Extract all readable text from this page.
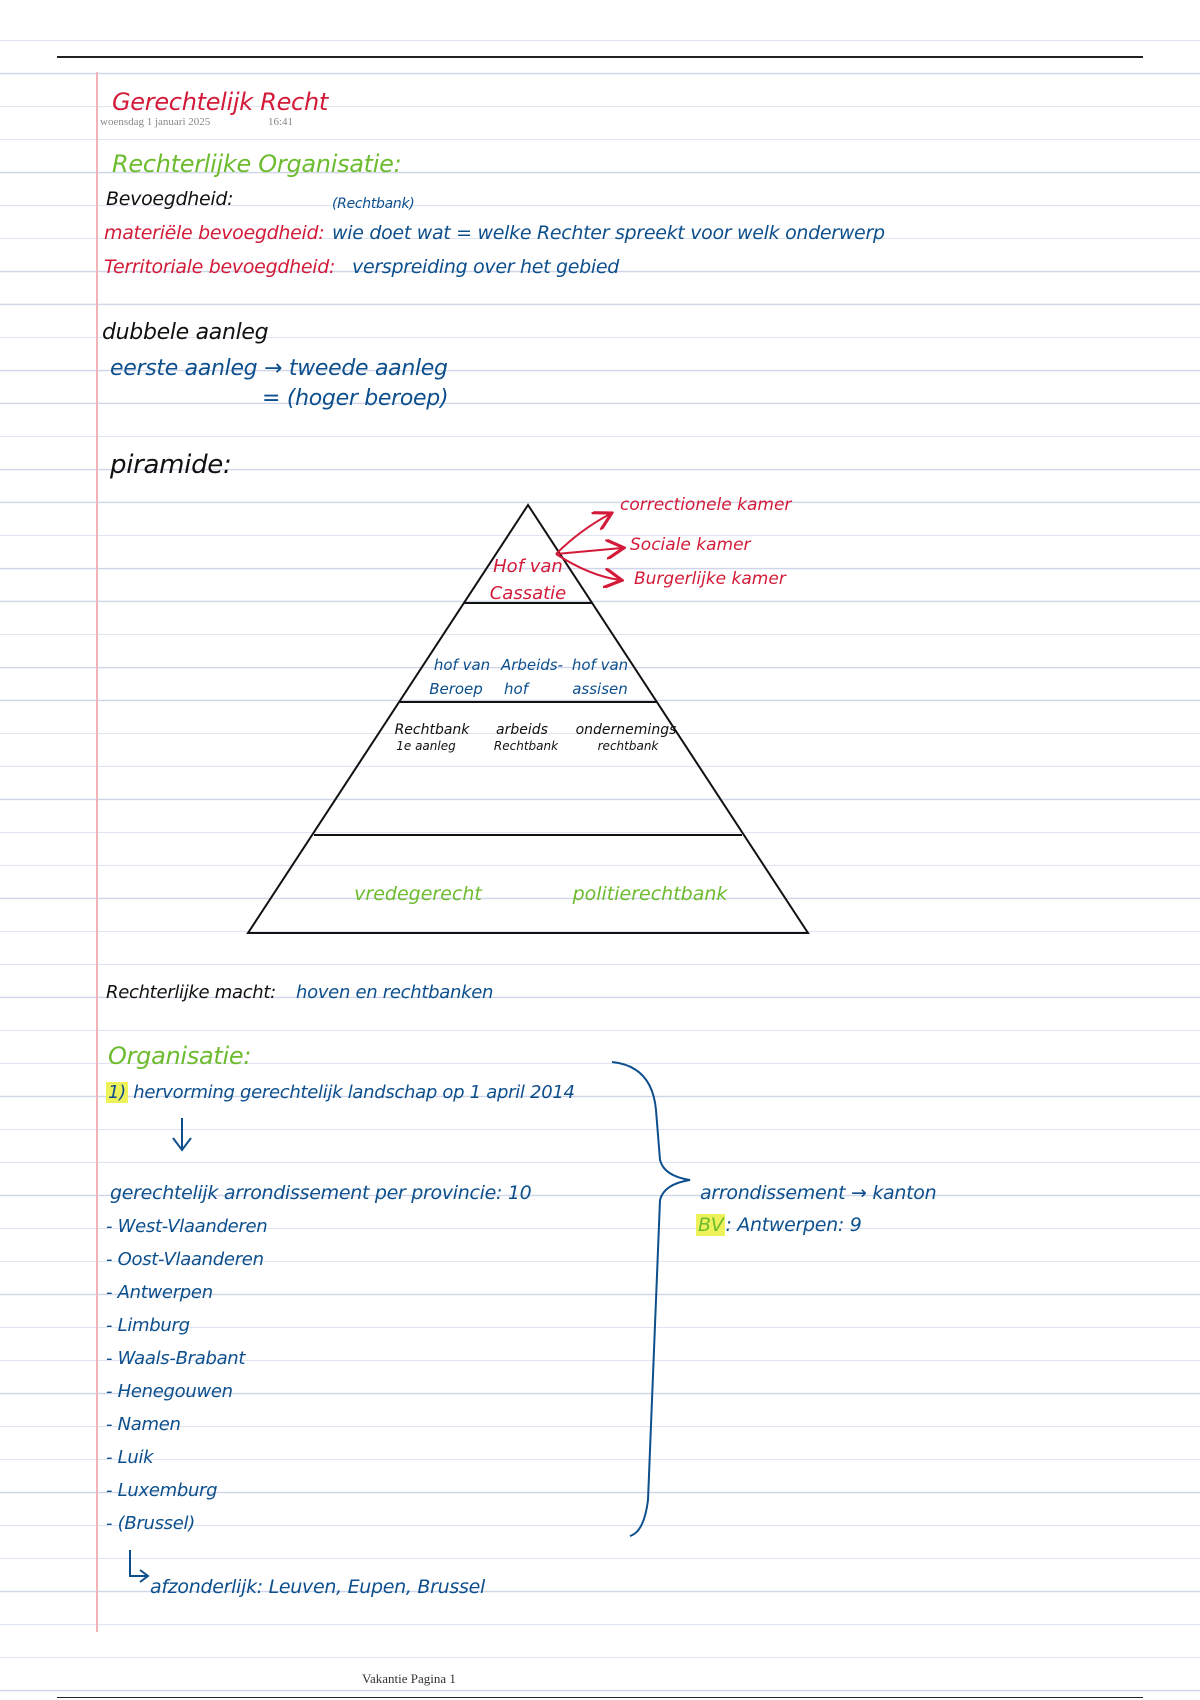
Gerechtelijk Recht
woensdag 1 januari 2025	16:41
Rechterlijke Organisatie:
Bevoegdheid:	(Rechtbank)
materiële bevoegdheid: wie doet wat = welke Rechter spreekt voor welk onderwerp
Territoriale bevoegdheid: verspreiding over het gebied
dubbele aanleg
eerste aanleg → tweede aanleg
= (hoger beroep)
piramide:
Hof van
Cassatie
correctionele kamer
Sociale kamer
Burgerlijke kamer
hof van
Beroep
Arbeids-
hof
hof van
assisen
Rechtbank
1e aanleg
arbeids
Rechtbank
ondernemings
rechtbank
vredegerecht	politierechtbank
Rechterlijke macht: hoven en rechtbanken
Organisatie:
1) hervorming gerechtelijk landschap op 1 april 2014
gerechtelijk arrondissement per provincie: 10
- West-Vlaanderen
- Oost-Vlaanderen
- Antwerpen
- Limburg
- Waals-Brabant
- Henegouwen
- Namen
- Luik
- Luxemburg
- (Brussel)
afzonderlijk: Leuven, Eupen, Brussel
arrondissement → kanton
BV : Antwerpen: 9
Vakantie Pagina 1
